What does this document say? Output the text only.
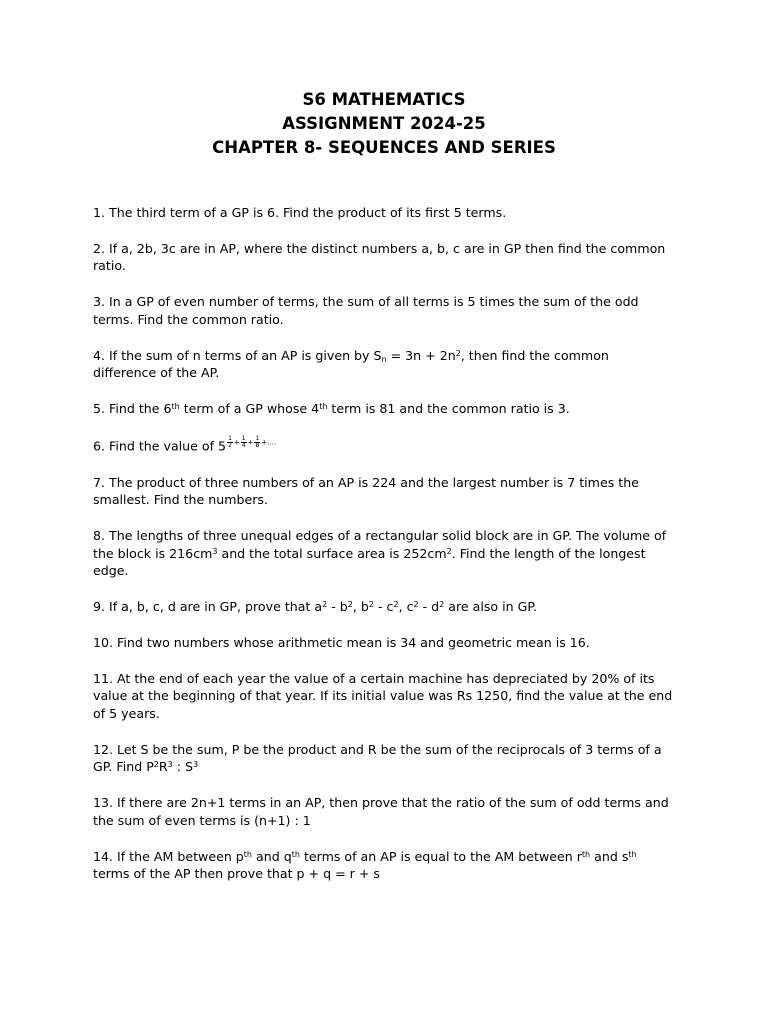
S6 MATHEMATICS
ASSIGNMENT 2024-25
CHAPTER 8- SEQUENCES AND SERIES

1. The third term of a GP is 6. Find the product of its first 5 terms.

2. If a, 2b, 3c are in AP, where the distinct numbers a, b, c are in GP then find the common ratio.

3. In a GP of even number of terms, the sum of all terms is 5 times the sum of the odd terms. Find the common ratio.

4. If the sum of n terms of an AP is given by $S_n = 3n + 2n^2$, then find the common difference of the AP.

5. Find the 6th term of a GP whose 4th term is 81 and the common ratio is 3.

6. Find the value of $5 \frac{1}{2} + \frac{1}{4} + \frac{1}{8}$ +....

7. The product of three numbers of an AP is 224 and the largest number is 7 times the smallest. Find the numbers.

8. The lengths of three unequal edges of a rectangular solid block are in GP. The volume of the block is $216cm^3$ and the total surface area is $252cm^2$. Find the length of the longest edge.

9. If a, b, c, d are in GP, prove that $a^2 - b^2$, $b^2 - c^2$, $c^2 - d^2$ are also in GP.

10. Find two numbers whose arithmetic mean is 34 and geometric mean is 16.

11. At the end of each year the value of a certain machine has depreciated by 20% of its value at the beginning of that year. If its initial value was Rs 1250, find the value at the end of 5 years.

12. Let S be the sum, P be the product and R be the sum of the reciprocals of 3 terms of a GP. Find $P^2R^3$ : $S^3$

13. If there are 2n+1 terms in an AP, then prove that the ratio of the sum of odd terms and the sum of even terms is (n+1) : 1

14. If the AM between $p^{th}$ and $q^{th}$ terms of an AP is equal to the AM between $r^{th}$ and $s^{th}$ terms of the AP then prove that p + q = r + s
